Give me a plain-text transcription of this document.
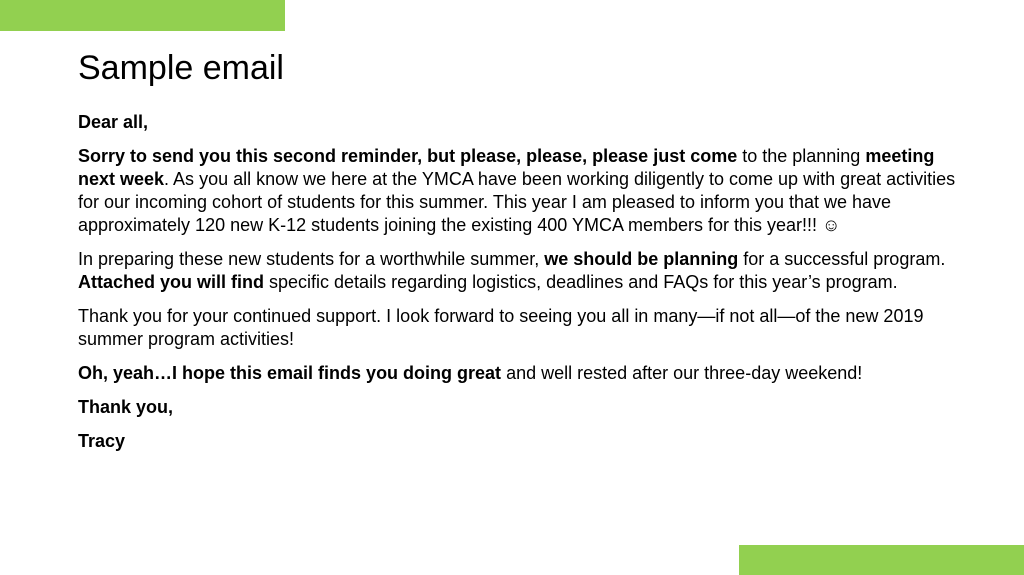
Sample email

Dear all,

Sorry to send you this second reminder, but please, please, please just come to the planning meeting next week. As you all know we here at the YMCA have been working diligently to come up with great activities for our incoming cohort of students for this summer. This year I am pleased to inform you that we have approximately 120 new K-12 students joining the existing 400 YMCA members for this year!!! ☺

In preparing these new students for a worthwhile summer, we should be planning for a successful program. Attached you will find specific details regarding logistics, deadlines and FAQs for this year’s program.

Thank you for your continued support. I look forward to seeing you all in many—if not all—of the new 2019 summer program activities!

Oh, yeah…I hope this email finds you doing great and well rested after our three-day weekend!

Thank you,

Tracy
